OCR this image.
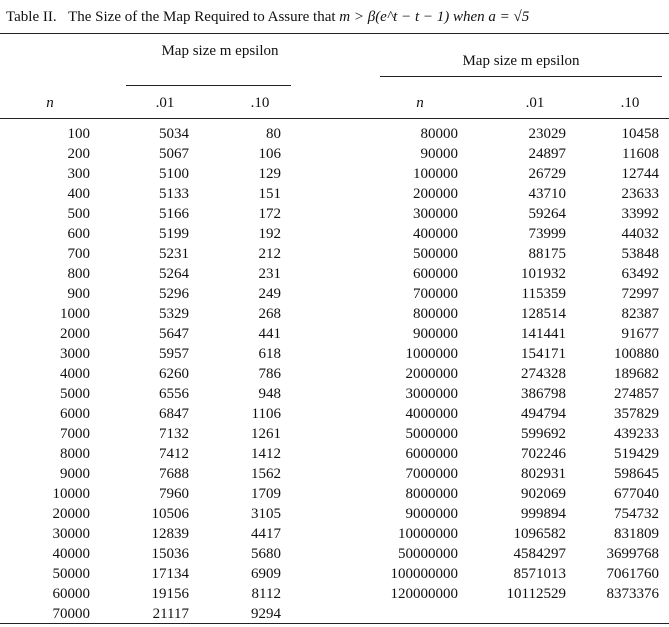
Table II. The Size of the Map Required to Assure that m > β(e^t − t − 1) when a = √5
Map size m epsilon
Map size m epsilon
n	.01	.10	n	.01	.10
100	5034	80	80000	23029	10458
200	5067	106	90000	24897	11608
300	5100	129	100000	26729	12744
400	5133	151	200000	43710	23633
500	5166	172	300000	59264	33992
600	5199	192	400000	73999	44032
700	5231	212	500000	88175	53848
800	5264	231	600000	101932	63492
900	5296	249	700000	115359	72997
1000	5329	268	800000	128514	82387
2000	5647	441	900000	141441	91677
3000	5957	618	1000000	154171	100880
4000	6260	786	2000000	274328	189682
5000	6556	948	3000000	386798	274857
6000	6847	1106	4000000	494794	357829
7000	7132	1261	5000000	599692	439233
8000	7412	1412	6000000	702246	519429
9000	7688	1562	7000000	802931	598645
10000	7960	1709	8000000	902069	677040
20000	10506	3105	9000000	999894	754732
30000	12839	4417	10000000	1096582	831809
40000	15036	5680	50000000	4584297	3699768
50000	17134	6909	100000000	8571013	7061760
60000	19156	8112	120000000	10112529	8373376
70000	21117	9294
